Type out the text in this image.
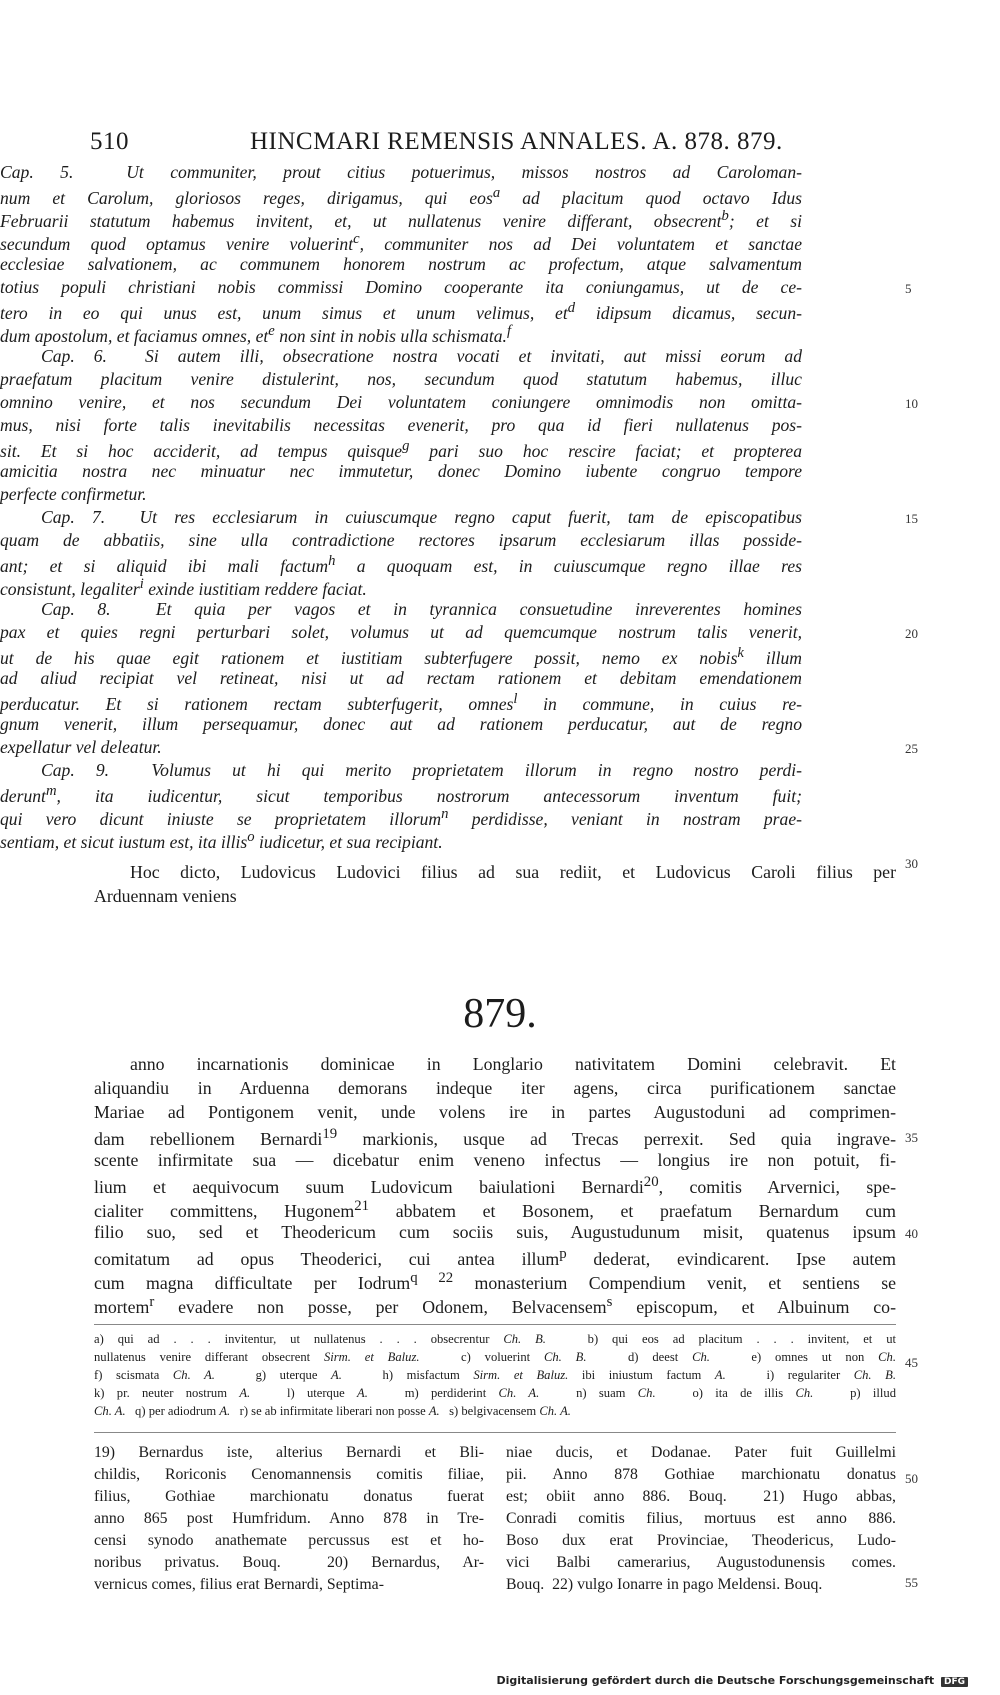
510	HINCMARI REMENSIS ANNALES. A. 878. 879.
Cap. 5.  Ut communiter, prout citius potuerimus, missos nostros ad Caroloman-
num et Carolum, gloriosos reges, dirigamus, qui eos$^a$ ad placitum quod octavo Idus
Februarii statutum habemus invitent, et, ut nullatenus venire differant, obsecrent$^b$; et si
secundum quod optamus venire voluerint$^c$, communiter nos ad Dei voluntatem et sanctae
ecclesiae salvationem, ac communem honorem nostrum ac profectum, atque salvamentum
totius populi christiani nobis commissi Domino cooperante ita coniungamus, ut de ce-
tero in eo qui unus est, unum simus et unum velimus, $et^d$ idipsum dicamus, secun-
dum apostolum, et faciamus omnes, $et^e$ non sint in nobis ulla schismata.$^f$
Cap. 6.  Si autem illi, obsecratione nostra vocati et invitati, aut missi eorum ad
praefatum placitum venire distulerint, nos, secundum quod statutum habemus, illuc
omnino venire, et nos secundum Dei voluntatem coniungere omnimodis non omitta-
mus, nisi forte talis inevitabilis necessitas evenerit, pro qua id fieri nullatenus pos-
sit. Et si hoc acciderit, ad tempus quisque$^g$ pari suo hoc rescire faciat; et propterea
amicitia nostra nec minuatur nec immutetur, donec Domino iubente congruo tempore
perfecte confirmetur.
Cap. 7.  Ut res ecclesiarum in cuiuscumque regno caput fuerit, tam de episcopatibus
quam de abbatiis, sine ulla contradictione rectores ipsarum ecclesiarum illas posside-
ant; et si aliquid ibi mali factum$^h$ a quoquam est, in cuiuscumque regno illae res
consistunt, legaliter$^i$ exinde iustitiam reddere faciat.
Cap. 8.  Et quia per vagos et in tyrannica consuetudine inreverentes homines
pax et quies regni perturbari solet, volumus ut ad quemcumque nostrum talis venerit,
ut de his quae egit rationem et iustitiam subterfugere possit, nemo ex nobis$^k$ illum
ad aliud recipiat vel retineat, nisi ut ad rectam rationem et debitam emendationem
perducatur. Et si rationem rectam subterfugerit, omnes$^l$ in commune, in cuius re-
gnum venerit, illum persequamur, donec aut ad rationem perducatur, aut de regno
expellatur vel deleatur.
Cap. 9.  Volumus ut hi qui merito proprietatem illorum in regno nostro perdi-
derunt$^m$, ita iudicentur, sicut temporibus nostrorum antecessorum inventum fuit;
qui vero dicunt iniuste se proprietatem illorum$^n$ perdidisse, veniant in nostram prae-
sentiam, et sicut iustum est, ita illis$^o$ iudicetur, et sua recipiant.
Hoc dicto, Ludovicus Ludovici filius ad sua rediit, et Ludovicus Caroli filius per
Arduennam veniens
879.
anno incarnationis dominicae in Longlario nativitatem Domini celebravit. Et
aliquandiu in Arduenna demorans indeque iter agens, circa purificationem sanctae
Mariae ad Pontigonem venit, unde volens ire in partes Augustoduni ad comprimen-
dam rebellionem Bernardi$^{19}$ markionis, usque ad Trecas perrexit. Sed quia ingrave-
scente infirmitate sua — dicebatur enim veneno infectus — longius ire non potuit, fi-
lium et aequivocum suum Ludovicum baiulationi Bernardi$^{20}$, comitis Arvernici, spe-
cialiter committens, Hugonem$^{21}$ abbatem et Bosonem, et praefatum Bernardum cum
filio suo, sed et Theodericum cum sociis suis, Augustudunum misit, quatenus ipsum
comitatum ad opus Theoderici, cui antea illum$^p$ dederat, evindicarent. Ipse autem
cum magna difficultate per Iodrum$^{q 22}$ monasterium Compendium venit, et sentiens se
mortem$^r$ evadere non posse, per Odonem, Belvacensem$^s$ episcopum, et Albuinum co-
5
10
15
20
25
30
35
40
45
50
55
a) qui ad . . . invitentur, ut nullatenus . . . obsecrentur Ch. B.   b) qui eos ad placitum . . . invitent, et ut
nullatenus venire differant obsecrent Sirm. et Baluz.   c) voluerint Ch. B.   d) deest Ch.   e) omnes ut non Ch.
f) scismata Ch. A.   g) uterque A.   h) misfactum Sirm. et Baluz. ibi iniustum factum A.   i) regulariter Ch. B.
k) pr. neuter nostrum A.   l) uterque A.   m) perdiderint Ch. A.   n) suam Ch.   o) ita de illis Ch.   p) illud
Ch. A.   q) per adiodrum A.   r) se ab infirmitate liberari non posse A.   s) belgivacensem Ch. A.
19) Bernardus iste, alterius Bernardi et Bli-
childis, Roriconis Cenomannensis comitis filiae,
filius, Gothiae marchionatu donatus fuerat
anno 865 post Humfridum. Anno 878 in Tre-
censi synodo anathemate percussus est et ho-
noribus privatus. Bouq.  20) Bernardus, Ar-
vernicus comes, filius erat Bernardi, Septima-
niae ducis, et Dodanae. Pater fuit Guillelmi
pii. Anno 878 Gothiae marchionatu donatus
est; obiit anno 886. Bouq.  21) Hugo abbas,
Conradi comitis filius, mortuus est anno 886.
Boso dux erat Provinciae, Theodericus, Ludo-
vici Balbi camerarius, Augustodunensis comes.
Bouq.  22) vulgo Ionarre in pago Meldensi. Bouq.
Digitalisierung gefördert durch die Deutsche Forschungsgemeinschaft DFG
